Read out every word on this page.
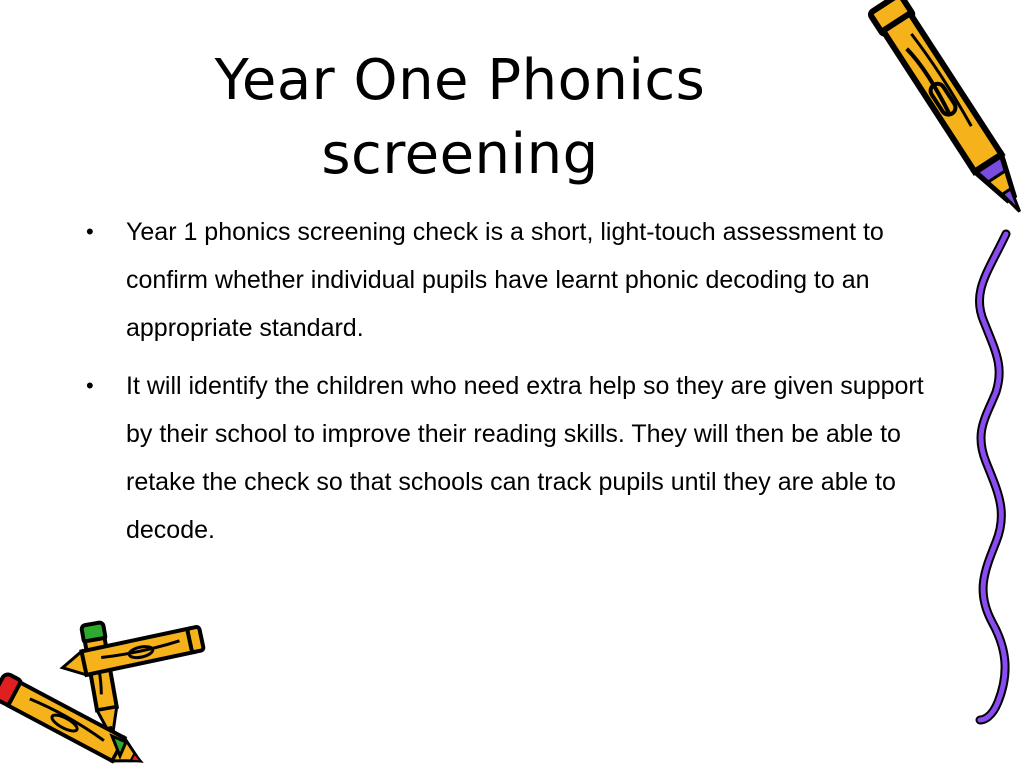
Year One Phonics
screening
•	Year 1 phonics screening check is a short, light-touch assessment to confirm whether individual pupils have learnt phonic decoding to an appropriate standard.
•	It will identify the children who need extra help so they are given support by their school to improve their reading skills. They will then be able to retake the check so that schools can track pupils until they are able to decode.
